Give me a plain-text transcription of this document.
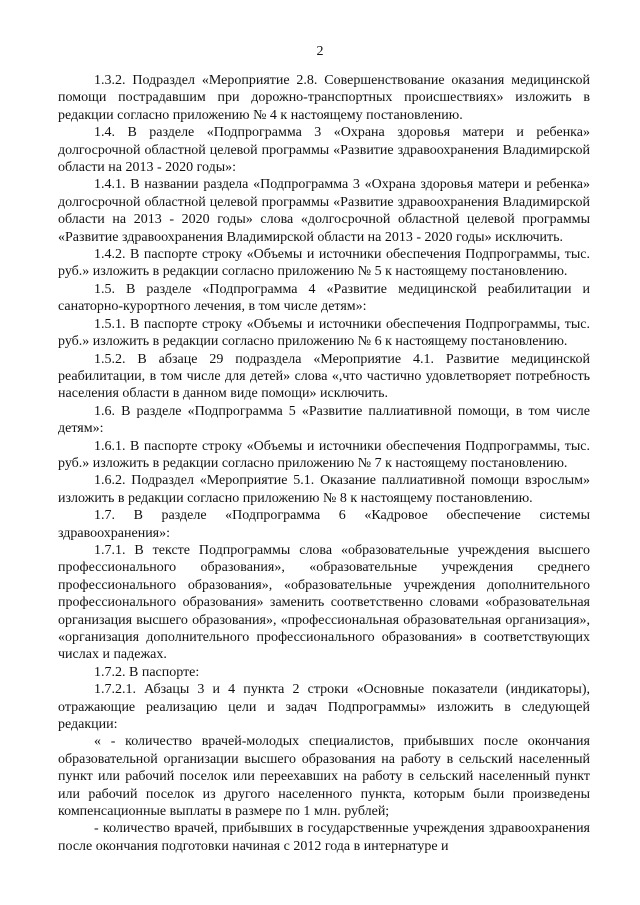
2

1.3.2. Подраздел «Мероприятие 2.8. Совершенствование оказания медицинской помощи пострадавшим при дорожно-транспортных происшествиях» изложить в редакции согласно приложению № 4 к настоящему постановлению.

1.4. В разделе «Подпрограмма 3 «Охрана здоровья матери и ребенка» долгосрочной областной целевой программы «Развитие здравоохранения Владимирской области на 2013 - 2020 годы»:

1.4.1. В названии раздела «Подпрограмма 3 «Охрана здоровья матери и ребенка» долгосрочной областной целевой программы «Развитие здравоохранения Владимирской области на 2013 - 2020 годы» слова «долгосрочной областной целевой программы «Развитие здравоохранения Владимирской области на 2013 - 2020 годы» исключить.

1.4.2. В паспорте строку «Объемы и источники обеспечения Подпрограммы, тыс. руб.» изложить в редакции согласно приложению № 5 к настоящему постановлению.

1.5. В разделе «Подпрограмма 4 «Развитие медицинской реабилитации и санаторно-курортного лечения, в том числе детям»:

1.5.1. В паспорте строку «Объемы и источники обеспечения Подпрограммы, тыс. руб.» изложить в редакции согласно приложению № 6 к настоящему постановлению.

1.5.2. В абзаце 29 подраздела «Мероприятие 4.1. Развитие медицинской реабилитации, в том числе для детей» слова «,что частично удовлетворяет потребность населения области в данном виде помощи» исключить.

1.6. В разделе «Подпрограмма 5 «Развитие паллиативной помощи, в том числе детям»:

1.6.1. В паспорте строку «Объемы и источники обеспечения Подпрограммы, тыс. руб.» изложить в редакции согласно приложению № 7 к настоящему постановлению.

1.6.2. Подраздел «Мероприятие 5.1. Оказание паллиативной помощи взрослым» изложить в редакции согласно приложению № 8 к настоящему постановлению.

1.7. В разделе «Подпрограмма 6 «Кадровое обеспечение системы здравоохранения»:

1.7.1. В тексте Подпрограммы слова «образовательные учреждения высшего профессионального образования», «образовательные учреждения среднего профессионального образования», «образовательные учреждения дополнительного профессионального образования» заменить соответственно словами «образовательная организация высшего образования», «профессиональная образовательная организация», «организация дополнительного профессионального образования» в соответствующих числах и падежах.

1.7.2. В паспорте:

1.7.2.1. Абзацы 3 и 4 пункта 2 строки «Основные показатели (индикаторы), отражающие реализацию цели и задач Подпрограммы» изложить в следующей редакции:

« - количество врачей-молодых специалистов, прибывших после окончания образовательной организации высшего образования на работу в сельский населенный пункт или рабочий поселок или переехавших на работу в сельский населенный пункт или рабочий поселок из другого населенного пункта, которым были произведены компенсационные выплаты в размере по 1 млн. рублей;

- количество врачей, прибывших в государственные учреждения здравоохранения после окончания подготовки начиная с 2012 года в интернатуре и
